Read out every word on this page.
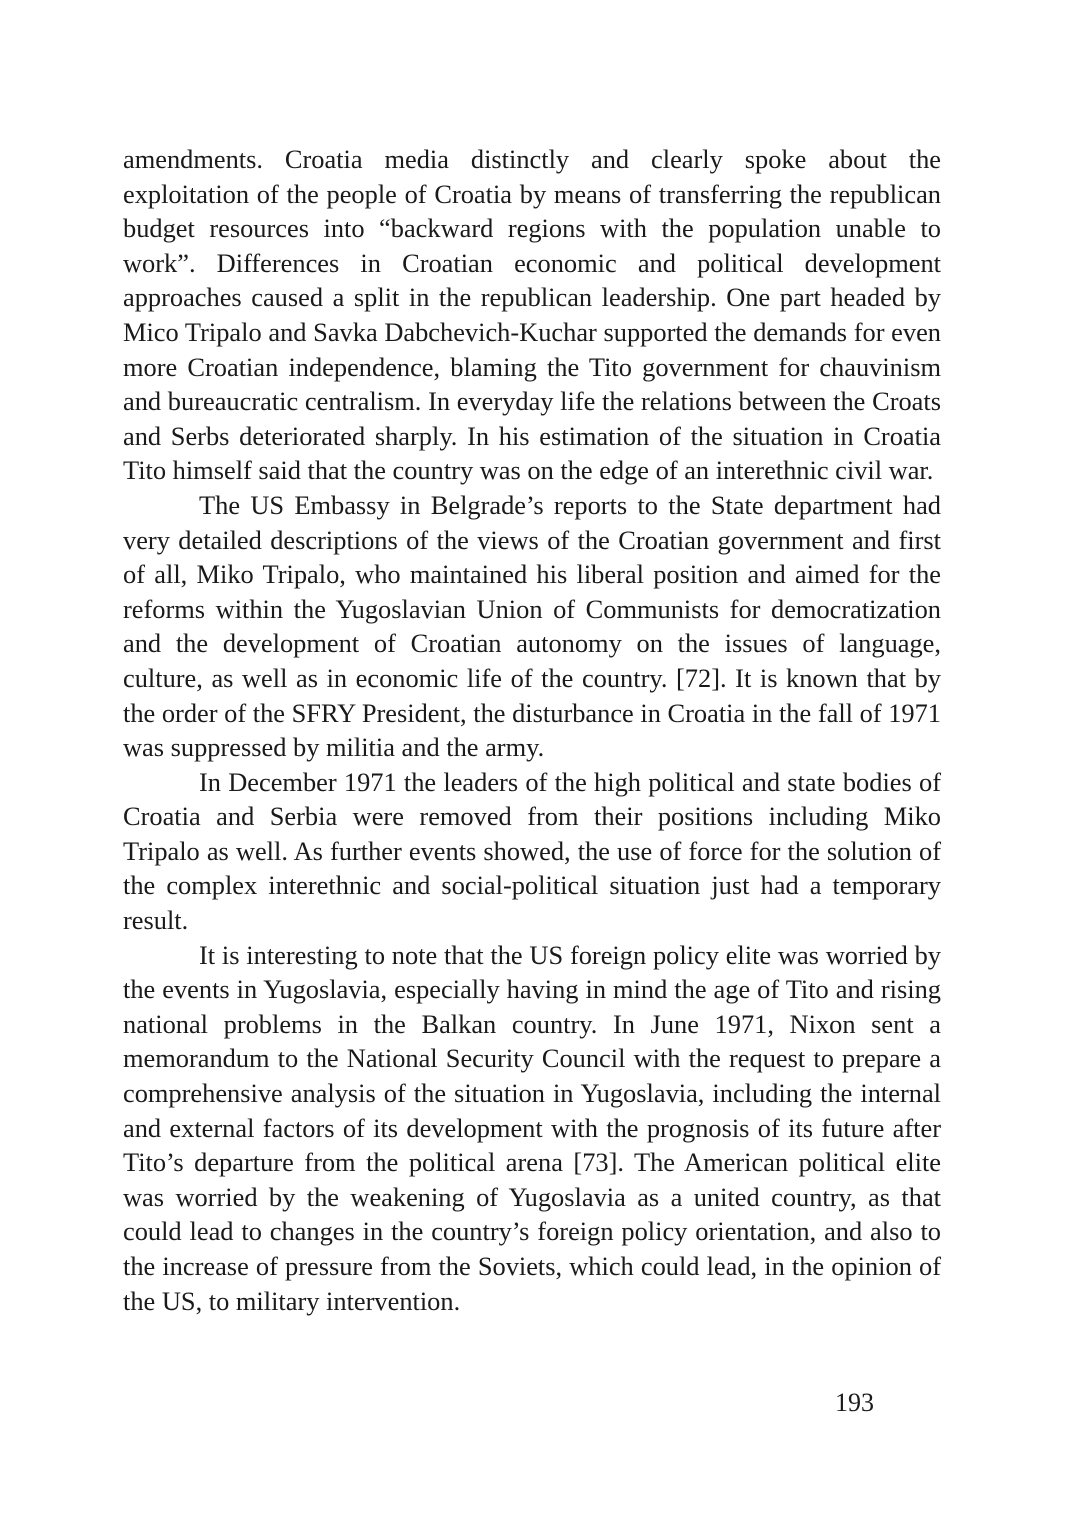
amendments. Croatia media distinctly and clearly spoke about the exploitation of the people of Croatia by means of transferring the republican budget resources into “backward regions with the population unable to work”. Differences in Croatian economic and political development approaches caused a split in the republican leadership. One part headed by Mico Tripalo and Savka Dabchevich-Kuchar supported the demands for even more Croatian independence, blaming the Tito government for chauvinism and bureaucratic centralism. In everyday life the relations between the Croats and Serbs deteriorated sharply. In his estimation of the situation in Croatia Tito himself said that the country was on the edge of an interethnic civil war.

The US Embassy in Belgrade’s reports to the State department had very detailed descriptions of the views of the Croatian government and first of all, Miko Tripalo, who maintained his liberal position and aimed for the reforms within the Yugoslavian Union of Communists for democratization and the development of Croatian autonomy on the issues of language, culture, as well as in economic life of the country. [72]. It is known that by the order of the SFRY President, the disturbance in Croatia in the fall of 1971 was suppressed by militia and the army.

In December 1971 the leaders of the high political and state bodies of Croatia and Serbia were removed from their positions including Miko Tripalo as well. As further events showed, the use of force for the solution of the complex interethnic and social-political situation just had a temporary result.

It is interesting to note that the US foreign policy elite was worried by the events in Yugoslavia, especially having in mind the age of Tito and rising national problems in the Balkan country. In June 1971, Nixon sent a memorandum to the National Security Council with the request to prepare a comprehensive analysis of the situation in Yugoslavia, including the internal and external factors of its development with the prognosis of its future after Tito’s departure from the political arena [73]. The American political elite was worried by the weakening of Yugoslavia as a united country, as that could lead to changes in the country’s foreign policy orientation, and also to the increase of pressure from the Soviets, which could lead, in the opinion of the US, to military intervention.

193
